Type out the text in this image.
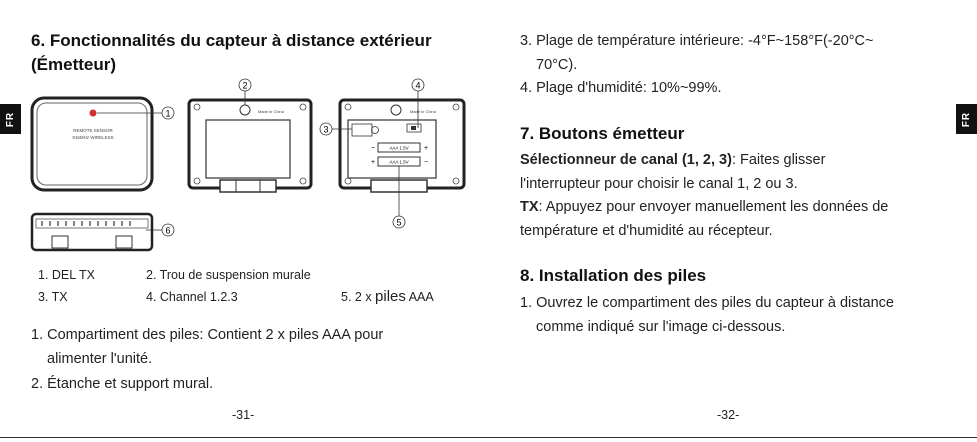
FR	FR
6. Fonctionnalités du capteur à distance extérieur
(Émetteur)
REMOTE SENSOR
915MHz WIRELESS
1	Made in China
2
Made in China
−	AAA 1.5V +
+	AAA 1.5V −
4
3
5
6
1. DEL TX	2. Trou de suspension murale
3. TX	4. Channel 1.2.3	5. 2 x piles AAA

1. Compartiment des piles: Contient 2 x piles AAA pour
alimenter l'unité.

2. Étanche et support mural.

-31-

3. Plage de température intérieure: -4°F~158°F(-20°C~
70°C).

4. Plage d'humidité: 10%~99%.

7. Boutons émetteur

Sélectionneur de canal (1, 2, 3): Faites glisser
l'interrupteur pour choisir le canal 1, 2 ou 3.
TX: Appuyez pour envoyer manuellement les données de
température et d'humidité au récepteur.

8. Installation des piles

1. Ouvrez le compartiment des piles du capteur à distance
comme indiqué sur l'image ci-dessous.

-32-
